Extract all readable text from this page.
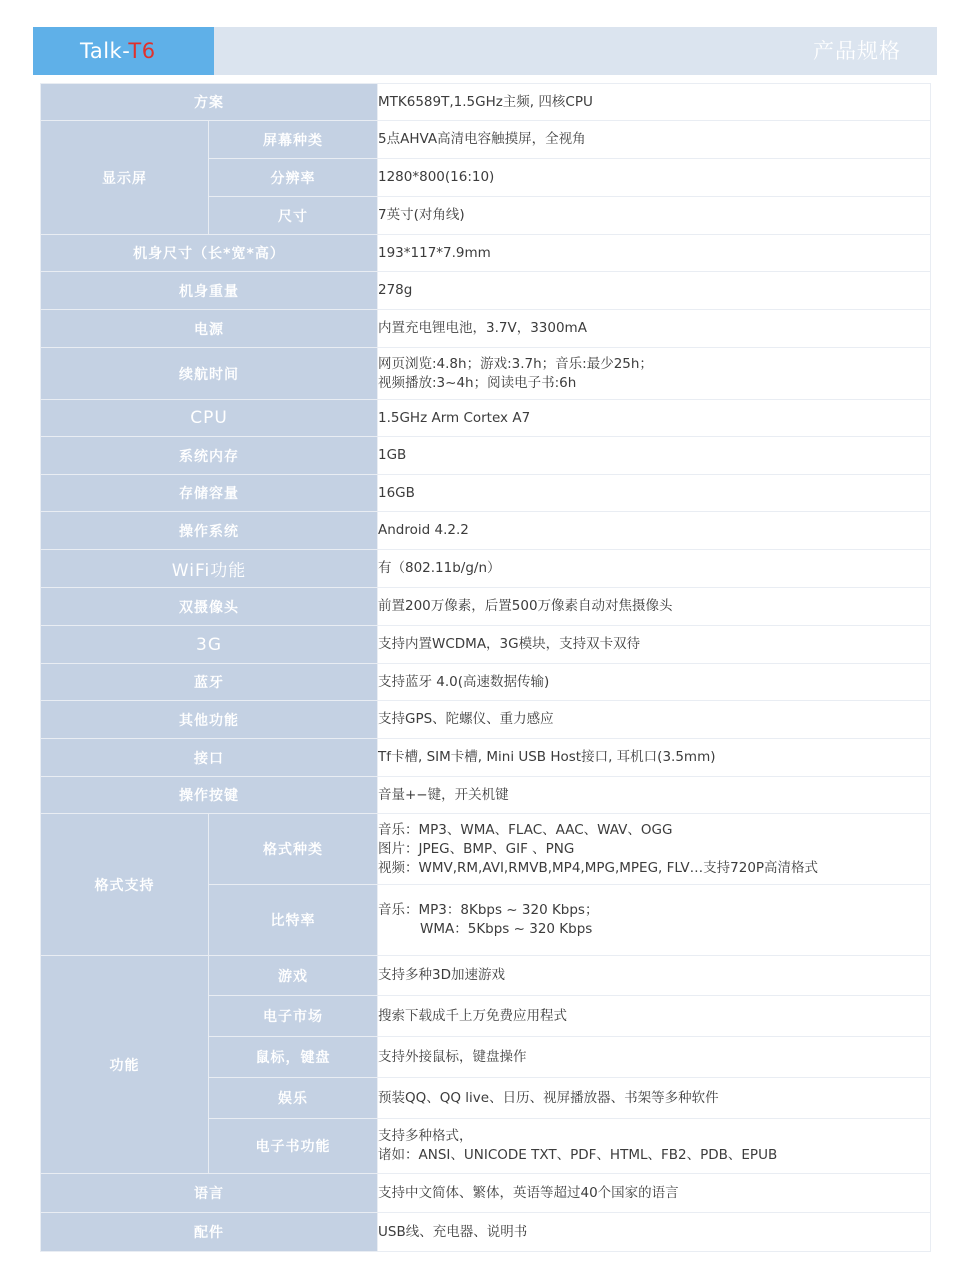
Talk-T6	产品规格
方案		MTK6589T,1.5GHz主频, 四核CPU
显示屏	屏幕种类	5点AHVA高清电容触摸屏，全视角
	分辨率	1280*800(16:10)
	尺寸	7英寸(对角线)
机身尺寸（长*宽*高）		193*117*7.9mm
机身重量		278g
电源		内置充电锂电池，3.7V，3300mA
续航时间		网页浏览:4.8h；游戏:3.7h；音乐:最少25h；
视频播放:3~4h；阅读电子书:6h

CPU		1.5GHz Arm Cortex A7
系统内存		1GB
存储容量		16GB
操作系统		Android 4.2.2
WiFi功能		有（802.11b/g/n）
双摄像头		前置200万像素，后置500万像素自动对焦摄像头
3G		支持内置WCDMA，3G模块，支持双卡双待
蓝牙		支持蓝牙 4.0(高速数据传输)
其他功能		支持GPS、陀螺仪、重力感应
接口		Tf卡槽, SIM卡槽, Mini USB Host接口, 耳机口(3.5mm)
操作按键		音量+−键，开关机键
格式支持	格式种类	音乐：MP3、WMA、FLAC、AAC、WAV、OGG
图片：JPEG、BMP、GIF 、PNG
视频：WMV,RM,AVI,RMVB,MP4,MPG,MPEG, FLV…支持720P高清格式

	比特率	音乐：MP3：8Kbps ~ 320 Kbps；
WMA：5Kbps ~ 320 Kbps

功能	游戏	支持多种3D加速游戏
	电子市场	搜索下载成千上万免费应用程式
	鼠标，键盘	支持外接鼠标，键盘操作
	娱乐	预装QQ、QQ live、日历、视屏播放器、书架等多种软件
	电子书功能	支持多种格式，
诸如：ANSI、UNICODE TXT、PDF、HTML、FB2、PDB、EPUB

语言		支持中文简体、繁体，英语等超过40个国家的语言
配件		USB线、充电器、说明书
